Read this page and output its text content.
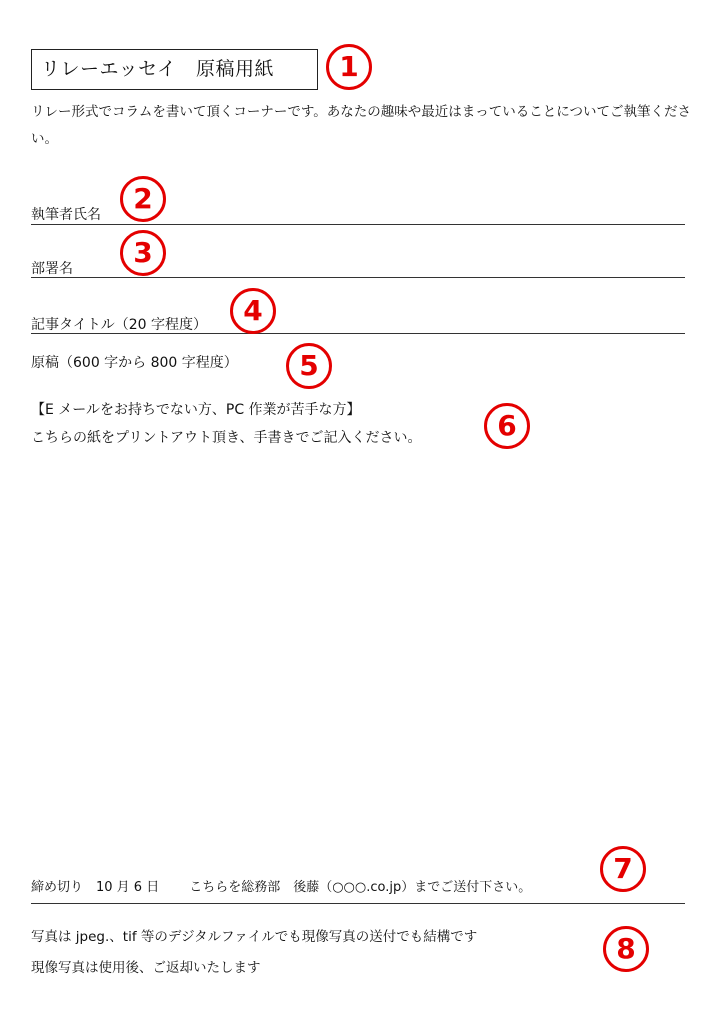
リレーエッセイ　原稿用紙
リレー形式でコラムを書いて頂くコーナーです。あなたの趣味や最近はまっていることについてご執筆ください。
執筆者氏名
部署名
記事タイトル（20 字程度）
原稿（600 字から 800 字程度）
【E メールをお持ちでない方、PC 作業が苦手な方】
こちらの紙をプリントアウト頂き、手書きでご記入ください。
締め切り　10 月 6 日 こちらを総務部　後藤（○○○.co.jp）までご送付下さい。
写真は jpeg.、tif 等のデジタルファイルでも現像写真の送付でも結構です
現像写真は使用後、ご返却いたします
1
2
3
4
5
6
7
8
